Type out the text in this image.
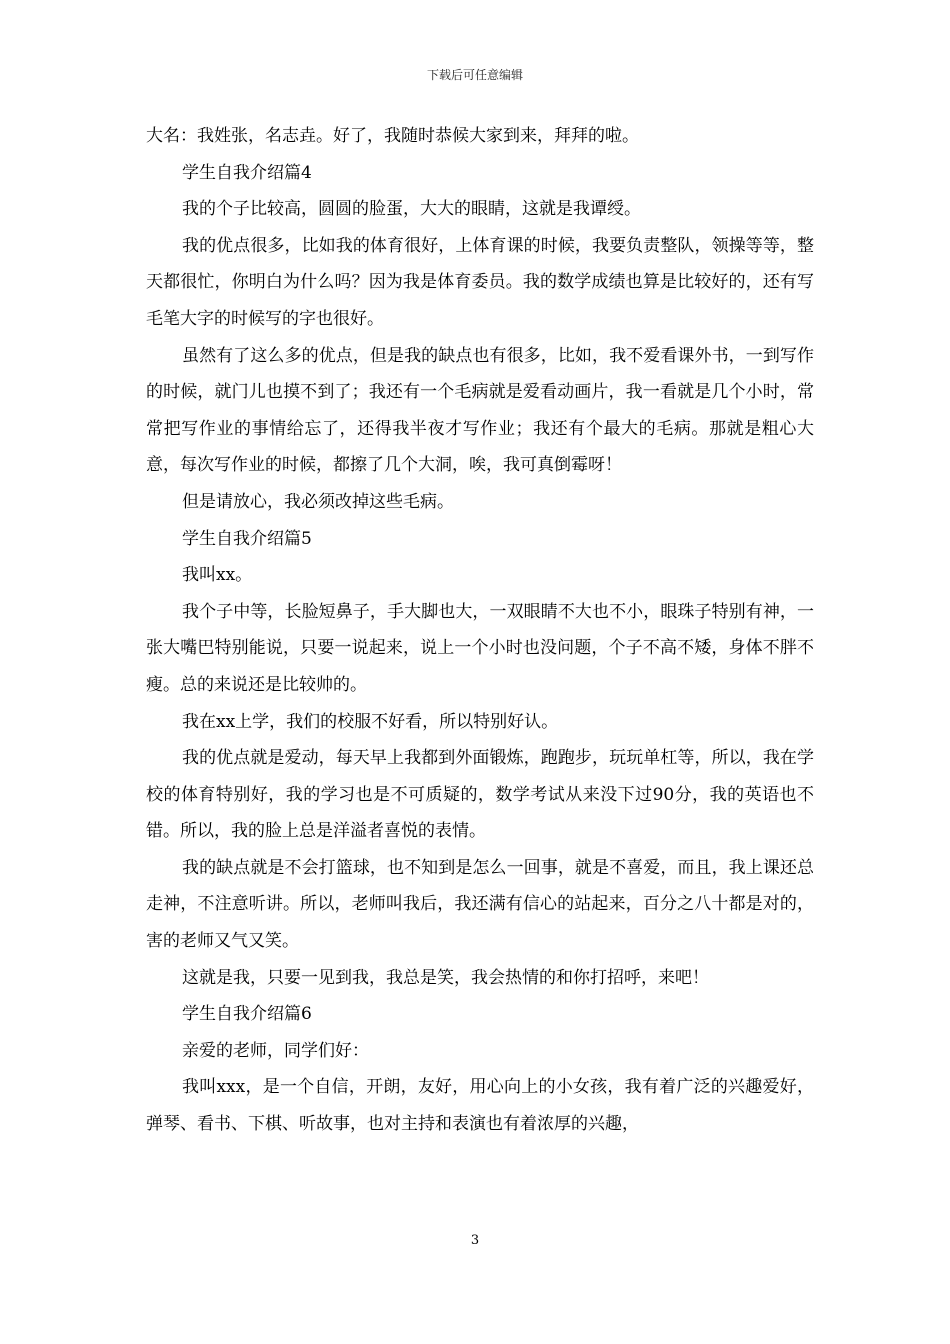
下载后可任意编辑

大名：我姓张，名志垚。好了，我随时恭候大家到来，拜拜的啦。

学生自我介绍篇4

我的个子比较高，圆圆的脸蛋，大大的眼睛，这就是我谭绶。

我的优点很多，比如我的体育很好，上体育课的时候，我要负责整队，领操等等，整天都很忙，你明白为什么吗？因为我是体育委员。我的数学成绩也算是比较好的，还有写毛笔大字的时候写的字也很好。

虽然有了这么多的优点，但是我的缺点也有很多，比如，我不爱看课外书，一到写作的时候，就门儿也摸不到了；我还有一个毛病就是爱看动画片，我一看就是几个小时，常常把写作业的事情给忘了，还得我半夜才写作业；我还有个最大的毛病。那就是粗心大意，每次写作业的时候，都擦了几个大洞，唉，我可真倒霉呀！

但是请放心，我必须改掉这些毛病。

学生自我介绍篇5

我叫xx。

我个子中等，长脸短鼻子，手大脚也大，一双眼睛不大也不小，眼珠子特别有神，一张大嘴巴特别能说，只要一说起来，说上一个小时也没问题，个子不高不矮，身体不胖不瘦。总的来说还是比较帅的。

我在xx上学，我们的校服不好看，所以特别好认。

我的优点就是爱动，每天早上我都到外面锻炼，跑跑步，玩玩单杠等，所以，我在学校的体育特别好，我的学习也是不可质疑的，数学考试从来没下过90分，我的英语也不错。所以，我的脸上总是洋溢者喜悦的表情。

我的缺点就是不会打篮球，也不知到是怎么一回事，就是不喜爱，而且，我上课还总走神，不注意听讲。所以，老师叫我后，我还满有信心的站起来，百分之八十都是对的，害的老师又气又笑。

这就是我，只要一见到我，我总是笑，我会热情的和你打招呼，来吧！

学生自我介绍篇6

亲爱的老师，同学们好：

我叫xxx，是一个自信，开朗，友好，用心向上的小女孩，我有着广泛的兴趣爱好，弹琴、看书、下棋、听故事，也对主持和表演也有着浓厚的兴趣，

3
